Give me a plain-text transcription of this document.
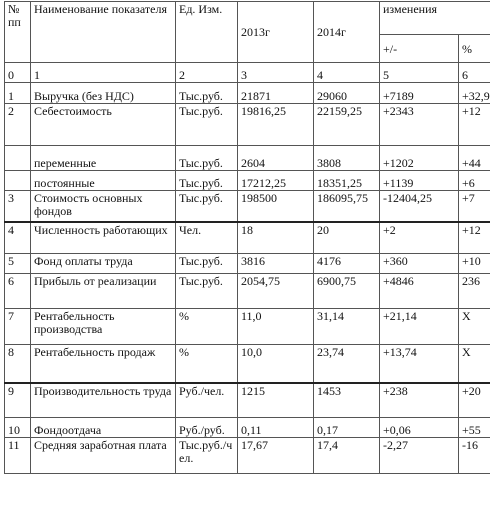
№ пп	Наименование показателя	Ед. Изм.	2013г	2014г	изменения	
					+/-	%
0	1	2	3	4	5	6
1	Выручка (без НДС)	Тыс.руб.	21871	29060	+7189	+32,9
2	Себестоимость	Тыс.руб.	19816,25	22159,25	+2343	+12
	переменные	Тыс.руб.	2604	3808	+1202	+44
	постоянные	Тыс.руб.	17212,25	18351,25	+1139	+6
3	Стоимость основных фондов	Тыс.руб.	198500	186095,75	-12404,25	+7
4	Численность работающих	Чел.	18	20	+2	+12
5	Фонд оплаты труда	Тыс.руб.	3816	4176	+360	+10
6	Прибыль от реализации	Тыс.руб.	2054,75	6900,75	+4846	236
7	Рентабельность производства	%	11,0	31,14	+21,14	Х
8	Рентабельность продаж	%	10,0	23,74	+13,74	Х
9	Производительность труда	Руб./чел.	1215	1453	+238	+20
10	Фондоотдача	Руб./руб.	0,11	0,17	+0,06	+55
11	Средняя заработная плата	Тыс.руб./ч ел.	17,67	17,4	-2,27	-16
